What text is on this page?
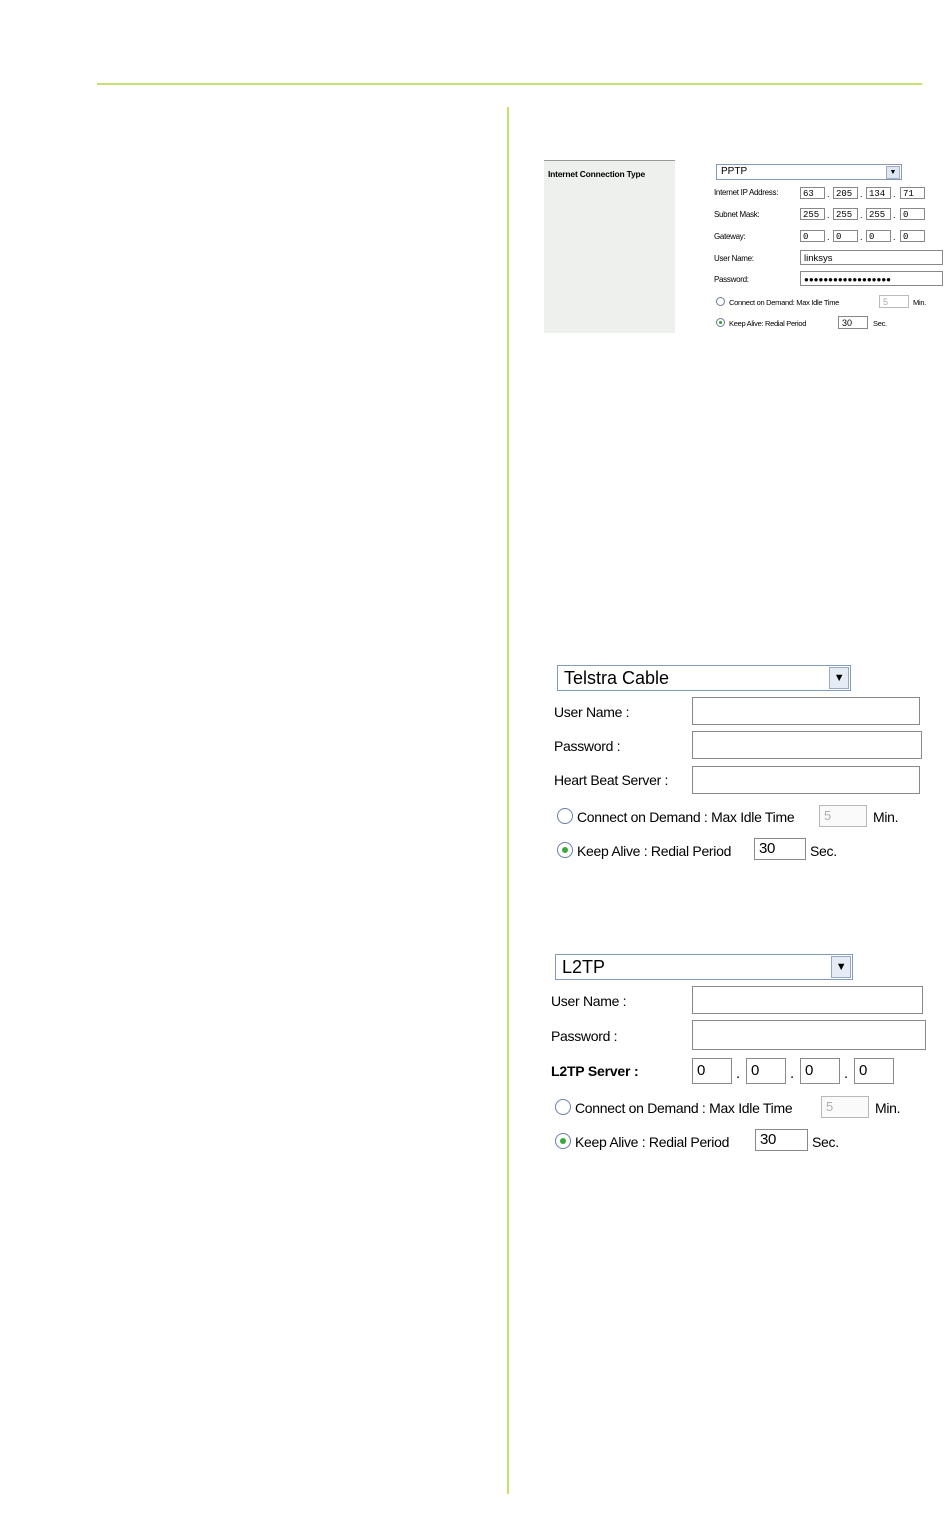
Internet Connection Type	PPTP	▼
Internet IP Address:	63	. 205 . 134 . 71
Subnet Mask:	255 . 255 . 255 . 0
Gateway:	0	. 0	. 0	. 0
User Name:	linksys
Password:	●●●●●●●●●●●●●●●●●●
Connect on Demand: Max Idle Time	5	Min.
Keep Alive: Redial Period	30	Sec.
Telstra Cable	▼
User Name :
Password :
Heart Beat Server :
Connect on Demand : Max Idle Time	5	Min.
Keep Alive : Redial Period	30	Sec.
L2TP	▼
User Name :
Password :
L2TP Server :	0	. 0	. 0	. 0
Connect on Demand : Max Idle Time	5	Min.
Keep Alive : Redial Period	30	Sec.
